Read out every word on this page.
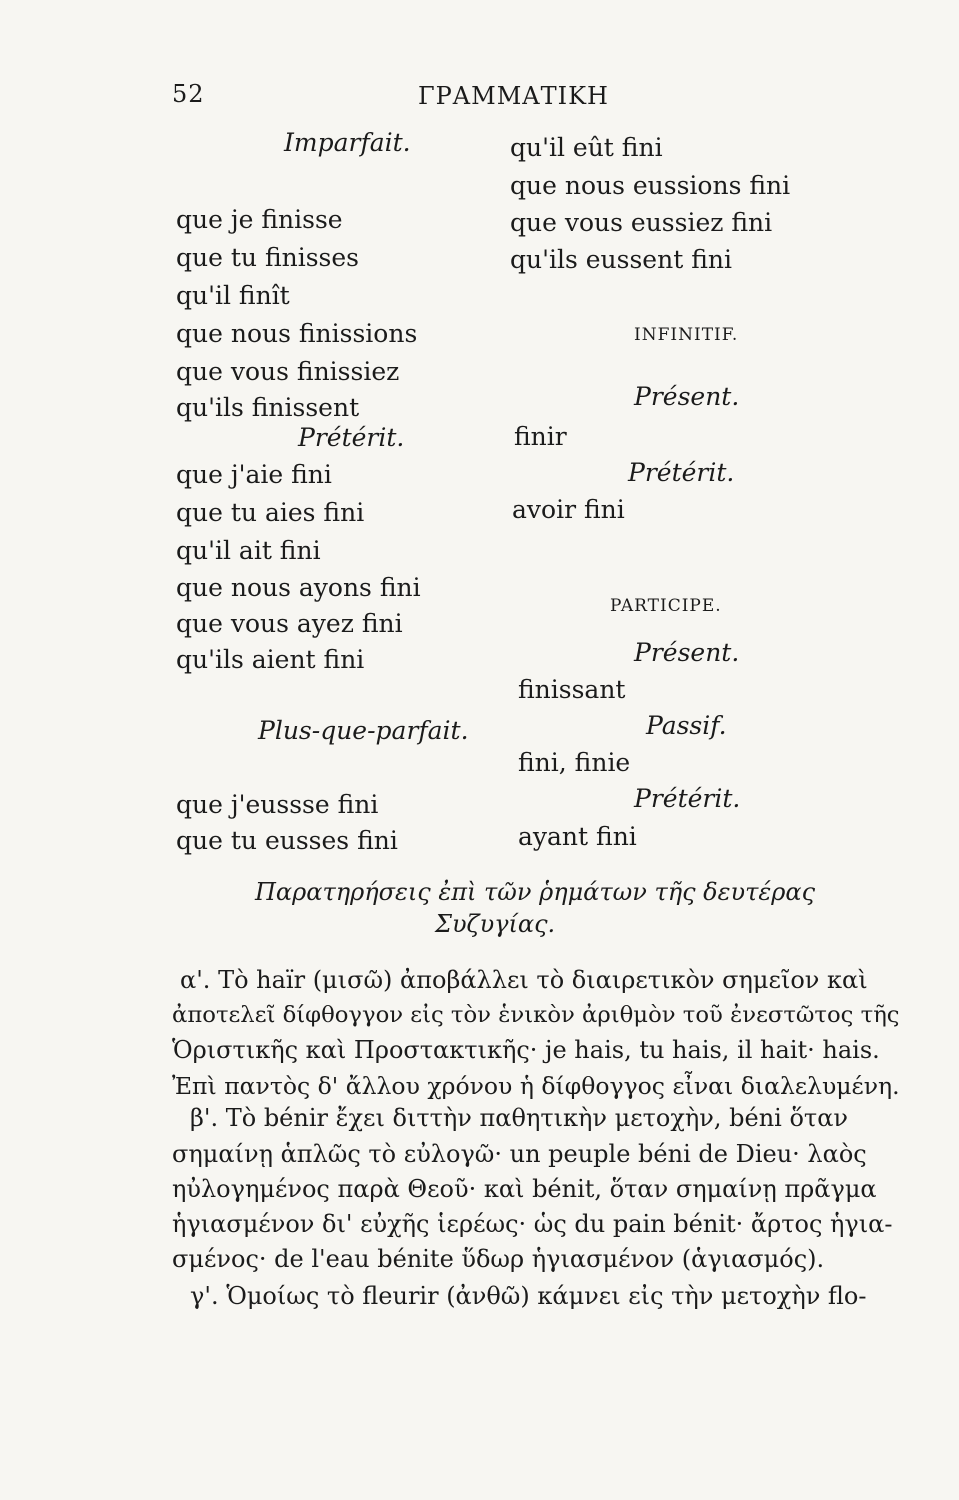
52	ΓΡΑΜΜΑΤΙΚΗ
Imparfait.
que je finisse
que tu finisses
qu'il finît
que nous finissions
que vous finissiez
qu'ils finissent
Prétérit.
que j'aie fini
que tu aies fini
qu'il ait fini
que nous ayons fini
que vous ayez fini
qu'ils aient fini
Plus-que-parfait.
que j'eussse fini
que tu eusses fini
qu'il eût fini
que nous eussions fini
que vous eussiez fini
qu'ils eussent fini
INFINITIF.
Présent.
finir
Prétérit.
avoir fini
PARTICIPE.
Présent.
finissant
Passif.
fini, finie
Prétérit.
ayant fini
Παρατηρήσεις ἐπὶ τῶν ῥημάτων τῆς δευτέρας
Συζυγίας.
α'. Τὸ haïr (μισῶ) ἀποβάλλει τὸ διαιρετικὸν σημεῖον καὶ
ἀποτελεῖ δίφθογγον εἰς τὸν ἑνικὸν ἀριθμὸν τοῦ ἐνεστῶτος τῆς
Ὁριστικῆς καὶ Προστακτικῆς· je hais, tu hais, il hait· hais.
Ἐπὶ παντὸς δ' ἄλλου χρόνου ἡ δίφθογγος εἶναι διαλελυμένη.
β'. Τὸ bénir ἔχει διττὴν παθητικὴν μετοχὴν, béni ὅταν
σημαίνῃ ἁπλῶς τὸ εὐλογῶ· un peuple béni de Dieu· λαὸς
ηὐλογημένος παρὰ Θεοῦ· καὶ bénit, ὅταν σημαίνῃ πρᾶγμα
ἡγιασμένον δι' εὐχῆς ἱερέως· ὡς du pain bénit· ἄρτος ἡγια-
σμένος· de l'eau bénite ὕδωρ ἡγιασμένον (ἁγιασμός).
γ'. Ὁμοίως τὸ fleurir (ἀνθῶ) κάμνει εἰς τὴν μετοχὴν flo-
